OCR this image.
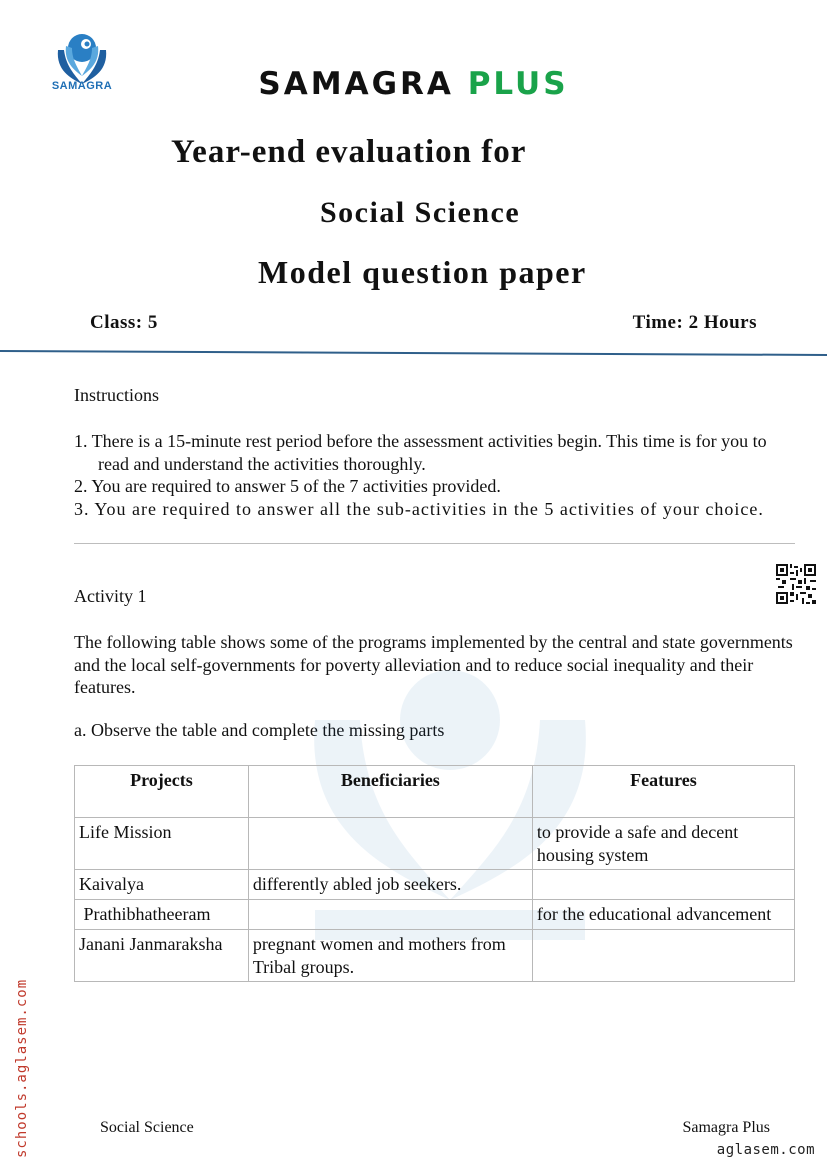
SAMAGRA	SAMAGRA PLUS
Year-end evaluation for
Social Science
Model question paper
Class: 5	Time: 2 Hours
Instructions
1. There is a 15-minute rest period before the assessment activities begin. This time is for you to read and understand the activities thoroughly.
2. You are required to answer 5 of the 7 activities provided.
3. You are required to answer all the sub-activities in the 5 activities of your choice.
Activity 1
The following table shows some of the programs implemented by the central and state governments and the local self-governments for poverty alleviation and to reduce social inequality and their features.
a. Observe the table and complete the missing parts
Projects	Beneficiaries	Features
Life Mission		to provide a safe and decent housing system
Kaivalya	differently abled job seekers.	
Prathibhatheeram		for the educational advancement
Janani Janmaraksha	pregnant women and mothers from Tribal groups.	
schools.aglasem.com	Social Science	Samagra Plus
aglasem.com
